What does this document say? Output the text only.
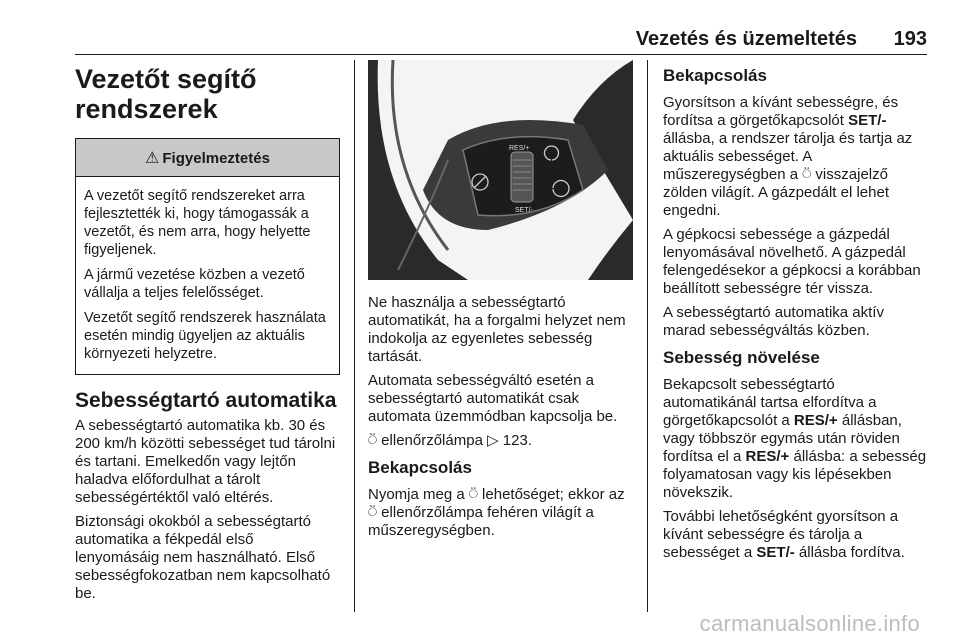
Vezetés és üzemeltetés 193
Vezetőt segítő
rendszerek
⚠ Figyelmeztetés

A vezetőt segítő rendszereket arra fejlesztették ki, hogy támogassák a vezetőt, és nem arra, hogy helyette figyeljenek.

A jármű vezetése közben a vezető vállalja a teljes felelősséget.

Vezetőt segítő rendszerek használata esetén mindig ügyeljen az aktuális környezeti helyzetre.

Sebességtartó automatika

A sebességtartó automatika kb. 30 és 200 km/h közötti sebességet tud tárolni és tartani. Emelkedőn vagy lejtőn haladva előfordulhat a tárolt sebességértéktől való eltérés.

Biztonsági okokból a sebességtartó automatika a fékpedál első lenyomásáig nem használható. Első sebességfokozatban nem kapcsolható be.

RES/+
SET/-

Ne használja a sebességtartó automatikát, ha a forgalmi helyzet nem indokolja az egyenletes sebesség tartását.

Automata sebességváltó esetén a sebességtartó automatikát csak automata üzemmódban kapcsolja be.

⍥ ellenőrzőlámpa ▷ 123.

Bekapcsolás

Nyomja meg a ⍥ lehetőséget; ekkor az ⍥ ellenőrzőlámpa fehéren világít a műszeregységben.

Bekapcsolás

Gyorsítson a kívánt sebességre, és fordítsa a görgetőkapcsolót SET/- állásba, a rendszer tárolja és tartja az aktuális sebességet. A műszeregységben a ⍥ visszajelző zölden világít. A gázpedált el lehet engedni.

A gépkocsi sebessége a gázpedál lenyomásával növelhető. A gázpedál felengedésekor a gépkocsi a korábban beállított sebességre tér vissza.

A sebességtartó automatika aktív marad sebességváltás közben.

Sebesség növelése

Bekapcsolt sebességtartó automatikánál tartsa elfordítva a görgetőkapcsolót a RES/+ állásban, vagy többször egymás után röviden fordítsa el a RES/+ állásba: a sebesség folyamatosan vagy kis lépésekben növekszik.

További lehetőségként gyorsítson a kívánt sebességre és tárolja a sebességet a SET/- állásba fordítva.

carmanualsonline.info
